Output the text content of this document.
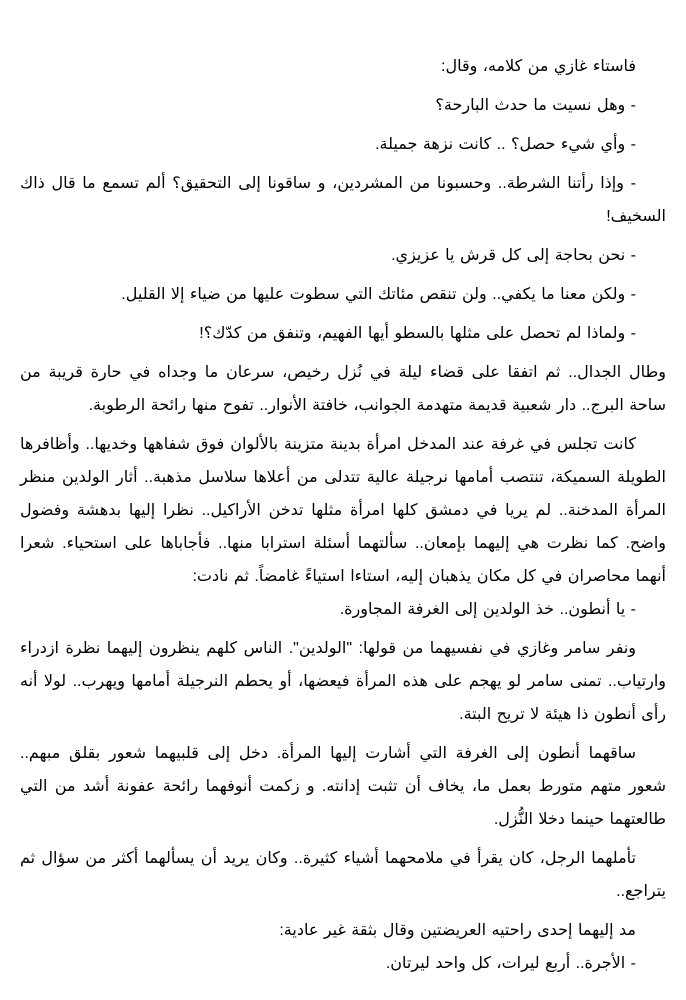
فاستاء غازي من كلامه، وقال:

- وهل نسيت ما حدث البارحة؟

- وأي شيء حصل؟ .. كانت نزهة جميلة.

- وإذا رأتنا الشرطة.. وحسبونا من المشردين، و ساقونا إلى التحقيق؟ ألم تسمع ما قال ذاك السخيف!

- نحن بحاجة إلى كل قرش يا عزيزي.

- ولكن معنا ما يكفي.. ولن تنقص مئاتك التي سطوت عليها من ضياء إلا القليل.

- ولماذا لم تحصل على مثلها بالسطو أيها الفهيم، وتنفق من كدّك؟!

وطال الجدال.. ثم اتفقا على قضاء ليلة في نُزل رخيص، سرعان ما وجداه في حارة قريبة من ساحة البرج.. دار شعبية قديمة متهدمة الجوانب، خافتة الأنوار.. تفوح منها رائحة الرطوبة.

كانت تجلس في غرفة عند المدخل امرأة بدينة متزينة بالألوان فوق شفاهها وخديها.. وأظافرها الطويلة السميكة، تنتصب أمامها نرجيلة عالية تتدلى من أعلاها سلاسل مذهبة.. أثار الولدين منظر المرأة المدخنة.. لم يريا في دمشق كلها امرأة مثلها تدخن الأراكيل.. نظرا إليها بدهشة وفضول واضح. كما نظرت هي إليهما بإمعان.. سألتهما أسئلة استرابا منها.. فأجاباها على استحياء. شعرا أنهما محاصران في كل مكان يذهبان إليه، استاءا استياءً غامضاً. ثم نادت:

- يا أنطون.. خذ الولدين إلى الغرفة المجاورة.

ونفر سامر وغازي في نفسيهما من قولها: "الولدين". الناس كلهم ينظرون إليهما نظرة ازدراء وارتياب.. تمنى سامر لو يهجم على هذه المرأة فيعضها، أو يحطم النرجيلة أمامها ويهرب.. لولا أنه رأى أنطون ذا هيئة لا تريح البتة.

ساقهما أنطون إلى الغرفة التي أشارت إليها المرأة. دخل إلى قلبيهما شعور بقلق مبهم.. شعور متهم متورط بعمل ما، يخاف أن تثبت إدانته. و زكمت أنوفهما رائحة عفونة أشد من التي طالعتهما حينما دخلا النُّزل.

تأملهما الرجل، كان يقرأ في ملامحهما أشياء كثيرة.. وكان يريد أن يسألهما أكثر من سؤال ثم يتراجع..

مد إليهما إحدى راحتيه العريضتين وقال بثقة غير عادية:

- الأجرة.. أربع ليرات، كل واحد ليرتان.
